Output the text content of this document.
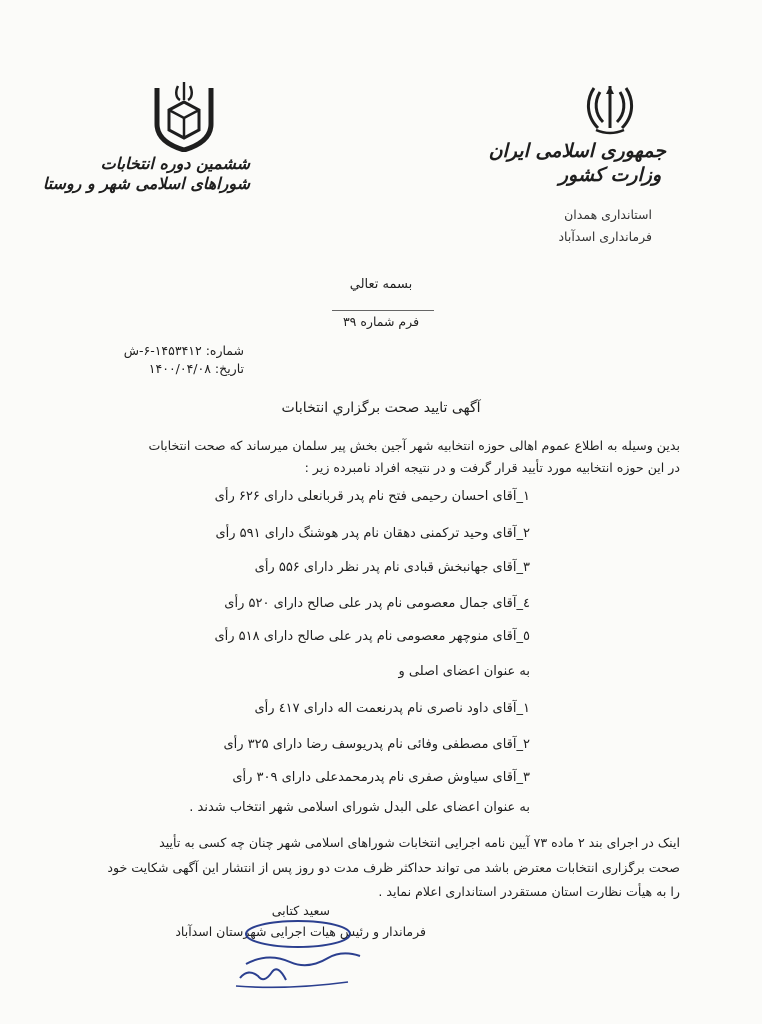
جمهوری اسلامی ایران
وزارت کشور
استانداری همدان
فرمانداری اسدآباد
ششمین دوره انتخابات
شوراهای اسلامی شهر و روستا
بسمه تعالي
فرم شماره ۳۹
شماره: ۱۴۵۳۴۱۲-۶-ش
تاریخ: ۱۴۰۰/۰۴/۰۸
آگهی تایید صحت برگزاري انتخابات
بدین وسیله به اطلاع عموم اهالی حوزه انتخابیه شهر آجین بخش پیر سلمان میرساند که صحت انتخابات
در این حوزه انتخابیه مورد تأیید قرار گرفت و در نتیجه افراد نامبرده زیر :
۱_آقای احسان رحیمی فتح نام پدر قربانعلی دارای ۶۲۶ رأی
۲_آقای وحید ترکمنی دهقان نام پدر هوشنگ دارای ۵۹۱ رأی
۳_آقای جهانبخش قبادی نام پدر نظر دارای ۵۵۶ رأی
٤_آقای جمال معصومی نام پدر علی صالح دارای ۵۲۰ رأی
٥_آقای منوچهر معصومی نام پدر علی صالح دارای ۵۱۸ رأی
به عنوان اعضای اصلی و
۱_آقای داود ناصری نام پدرنعمت اله دارای ٤۱۷ رأی
۲_آقای مصطفی وفائی نام پدریوسف رضا دارای ۳۲۵ رأی
۳_آقای سیاوش صفری نام پدرمحمدعلی دارای ۳۰۹ رأی
به عنوان اعضای علی البدل شورای اسلامی شهر انتخاب شدند .
اینک در اجرای بند ۲ ماده ۷۳ آیین نامه اجرایی انتخابات شوراهای اسلامی شهر چنان چه کسی به تأیید
صحت برگزاری انتخابات معترض باشد می تواند حداکثر ظرف مدت دو روز پس از انتشار این آگهی شکایت خود
را به هیأت نظارت استان مستقردر استانداری اعلام نماید .
سعید کتابی
فرماندار و رئیس هیات اجرایی شهرستان اسدآباد
